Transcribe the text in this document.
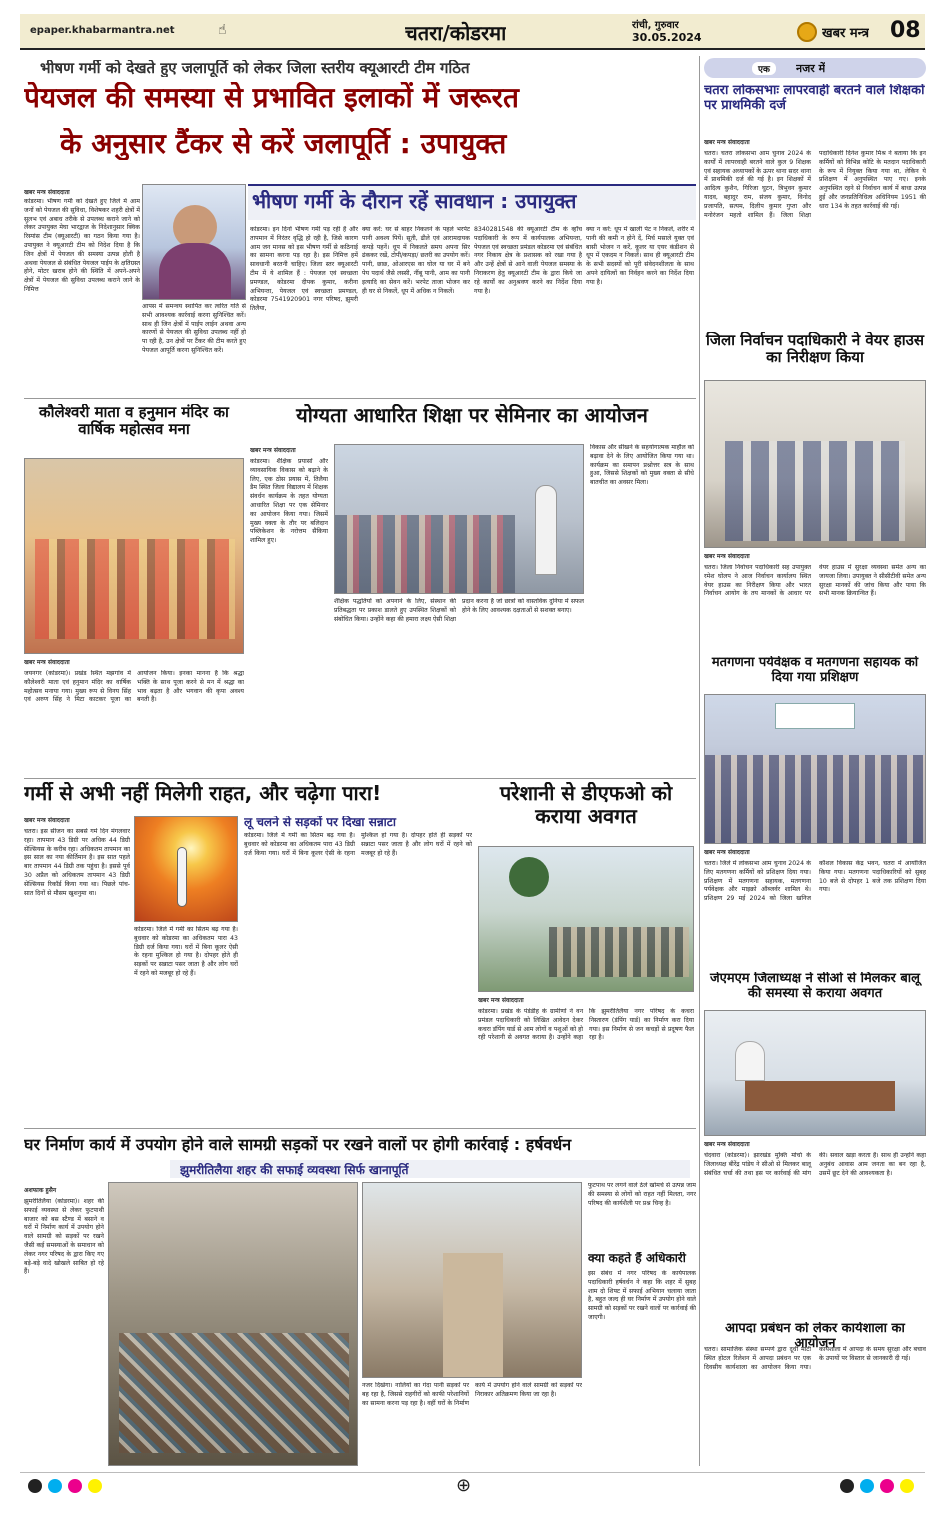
epaper.khabarmantra.net	☝	चतरा/कोडरमा	रांची, गुरुवार
30.05.2024	खबर मन्त्र 08
भीषण गर्मी को देखते हुए जलापूर्ति को लेकर जिला स्तरीय क्यूआरटी टीम गठित
पेयजल की समस्या से प्रभावित इलाकों में जरूरत
के अनुसार टैंकर से करें जलापूर्ति : उपायुक्त
खबर मन्त्र संवाददाता
कोडरमा। भीषण गर्मी को देखते हुए जिले में आम जनों को पेयजल की सुविधा, विशेषकर शहरी क्षेत्रों में सुलभ एवं अबाध तरीके से उपलब्ध कराने जाने को लेकर उपायुक्त मेघा भारद्वाज के निदेशानुसार क्विक रिस्पांस टीम (क्यूआरटी) का गठन किया गया है। उपायुक्त ने क्यूआरटी टीम को निदेश दिया है कि जिन क्षेत्रों में पेयजल की समस्या उत्पन्न होती है अथवा पेयजल से संबंधित पेयजल पाईप के क्षतिग्रस्त होने, मोटर खराब होने की स्थिति में अपने-अपने क्षेत्रों में पेयजल की सुविधा उपलब्ध कराने जाने के निमित्त
आपस में समन्वय स्थापित कर त्वरित गति से सभी आवश्यक कार्रवाई करना सुनिश्चित करें। साथ ही जिन क्षेत्रों में पाईप लाईन अथवा अन्य कारणों से पेयजल की सुविधा उपलब्ध नहीं हो पा रही है, उन क्षेत्रों पर टैंकर की टीम करते हुए पेयजल आपूर्ति करना सुनिश्चित करें।
भीषण गर्मी के दौरान रहें सावधान : उपायुक्त
कोडरमा। इन दिनों भीषण गर्मी पड़ रही है और तापमान में निरंतर वृद्धि हो रही है, जिसे कारण आम जन मानस को इस भीषण गर्मी से कठिनाई का सामना करना पड़ रहा है। इस निमित्त हमें सावधानी बरतनी चाहिए। जिला स्तर क्यूआरटी टीम में ये शामिल हैं : पेयजल एवं स्वच्छता प्रमण्डल, कोडरमा दीपक कुमार, करीना अभियन्ता, पेयजल एवं स्वच्छता प्रमण्डल, कोडरमा 7541920901 नगर परिषद, झुमरी तिलैया,
क्या करें: घर से बाहर निकलने के पहले भरपेट पानी अवश्य पियें। सूती, ढीले एवं आरामदायक कपड़े पहनें। धूप में निकलते समय अपना सिर ढंककर रखें, टोपी/कपड़ा/ छतरी का उपयोग करें। पानी, छाछ, ओआरएस का घोल या घर में बने पेय पदार्थ जैसे लस्सी, नींबू पानी, आम का पानी इत्यादि का सेवन करें। भरपेट ताजा भोजन कर ही घर से निकलें, धूप में अधिक न निकलें।
8340281548 की क्यूआरटी टीम के व्हॉंच पदाधिकारी के रूप में कार्यपालक अभियन्ता, पेयजल एवं स्वच्छता प्रमंडल कोडरमा एवं संबंधित नगर निकाय क्षेत्र के प्रशासक को रखा गया है और उन्हें क्षेत्रों से आने वाली पेयजल समस्या के निराकरण हेतु क्यूआरटी टीम के द्वारा किये जा रहे कार्यों का अनुश्रवण करने का निर्देश दिया गया है।
क्या न करें: धूप में खाली पेट न निकलें, शरीर में पानी की कमी न होने दें, मिर्च मसाले युक्त एवं बासी भोजन न करें, कूलर या एयर कंडीशन से धूप में एकदम न निकलें। साथ ही क्यूआरटी टीम के सभी सदस्यों को पूरी संवेदनशीलता के साथ अपने दायित्वों का निर्वहन करने का निर्देश दिया गया है।
एक	नजर में
चतरा लोकसभाः लापरवाही बरतने वाले शिक्षकों पर प्राथमिकी दर्ज
खबर मन्त्र संवाददाता
चतरा। चतरा लोकसभा आम चुनाव 2024 के कार्यों में लापरवाही बरतने वाले कुल 9 शिक्षक एवं सहायक अध्यापकों के ऊपर थाना सदर थाना में प्राथमिकी दर्ज की गई है। इन शिक्षकों में आदित्य कुशैन, गिरिजा घुटन, त्रिभुवन कुमार यादव, बहादुर राम, संजय कुमार, विनोद प्रजापति, सत्यम, दिलीप कुमार गुप्ता और मनोरंजन महतो शामिल हैं। जिला शिक्षा पदाधिकारी दिनेश कुमार मिश्र ने बताया कि इन कर्मियों को विभिन्न कोटि के मतदान पदाधिकारी के रूप में नियुक्त किया गया था, लेकिन ये प्रशिक्षण में अनुपस्थित पाए गए। इनके अनुपस्थित रहने से निर्वाचन कार्य में बाधा उत्पन्न हुई और जनप्रतिनिधित्व अधिनियम 1951 की धारा 134 के तहत कार्रवाई की गई।
जिला निर्वाचन पदाधिकारी ने वेयर हाउस का निरीक्षण किया
खबर मन्त्र संवाददाता
चतरा। जिला निर्वाचन पदाधिकारी सह उपायुक्त रमेश घोलप ने आज निर्वाचन कार्यालय स्थित वेयर हाउस का निरीक्षण किया और भारत निर्वाचन आयोग के तय मानकों के आधार पर वेयर हाउस में सुरक्षा व्यवस्था समेत अन्य का जायजा लिया। उपायुक्त ने सीसीटीवी समेत अन्य सुरक्षा मानकों की जांच किया और पाया कि सभी मानक क्रियान्वित हैं।
मतगणना पर्यवेक्षक व मतगणना सहायक को दिया गया प्रशिक्षण
खबर मन्त्र संवाददाता
चतरा। जिले में लोकसभा आम चुनाव 2024 के लिए मतगणना कर्मियों को प्रशिक्षण दिया गया। प्रशिक्षण में मतगणना सहायक, मतगणना पर्यवेक्षक और माइक्रो ऑब्जर्वर शामिल थे। प्रशिक्षण 29 मई 2024 को जिला खनिज कौशल विकास केंद्र भवन, चतरा में आयोजित किया गया। मतगणना पदाधिकारियों को सुबह 10 बजे से दोपहर 1 बजे तक प्रशिक्षण दिया गया।
जेएमएम जिलाध्यक्ष ने सीओ से मिलकर बालू की समस्या से कराया अवगत
खबर मन्त्र संवाददाता
चंदवारा (कोडरमा)। झारखंड मुक्ति मोर्चा के जिलाध्यक्ष बीरेंद्र पांडेय ने सीओ से मिलकर बालू संबंधित चर्चा की तथा इस पर कार्रवाई की मांग की। सवाल खड़ा करता है। साथ ही उन्होंने कहा अनुबंध आवास आम जनता का बन रहा है, उसमें छूट देने की आवश्यकता है।
आपदा प्रबंधन को लेकर कार्यशाला का आयोजन
चतरा। सामाजिक संस्था सम्पर्ण द्वारा दूधी माटी स्थित होटल रिलेशन में आपदा प्रबंधन पर एक दिवसीय कार्यशाला का आयोजन किया गया। कार्यशाला में आपदा के समय सुरक्षा और बचाव के उपायों पर विस्तार से जानकारी दी गई।
कौलेश्वरी माता व हनुमान मंदिर का वार्षिक महोत्सव मना
खबर मन्त्र संवाददाता
जयनगर (कोडरमा)। प्रखंड स्थित मझगांव में कौलेश्वरी माता एवं हनुमान मंदिर का वार्षिक महोत्सव मनाया गया। मुख्य रूप से विनय सिंह एवं अरुण सिंह ने मिटा काटकर पूजा का आयोजन किया। इनका मानना है कि श्रद्धा भक्ति के साथ पूजा करने से मन में श्रद्धा का भाव बढ़ता है और भगवान की कृपा अवश्य बनती है।
योग्यता आधारित शिक्षा पर सेमिनार का आयोजन
खबर मन्त्र संवाददाता
कोडरमा। शैक्षिक प्रयासों और व्यावसायिक विकास को बढ़ाने के लिए, एक ठोस प्रयास में, तिलैया डैम स्थित जिला विद्यालय में शिक्षक संवर्धन कार्यक्रम के तहत योग्यता आधारित शिक्षा पर एक सेमिनार का आयोजन किया गया। जिसमें मुख्य वक्ता के तौर पर बलिदान पब्लिकेशन के नरोत्तम सैकिया शामिल हुए।
शैक्षिक पद्धतियों को अपनाने के लिए, संस्थान की प्रतिबद्धता पर प्रकाश डालते हुए उपस्थित शिक्षकों को संबोधित किया। उन्होंने कहा की हमारा लक्ष्य ऐसी शिक्षा प्रदान करना है जो छात्रों को वास्तविक दुनिया में सफल होने के लिए आवश्यक दक्षताओं से सशक्त बनाए।
विकास और सीखने के सहयोगात्मक माहौल को बढ़ावा देने के लिए आयोजित किया गया था। कार्यक्रम का समापन प्रश्नोत्तर सत्र के साथ हुआ, जिससे शिक्षकों को मुख्य वक्ता से सीधे बातचीत का अवसर मिला।
गर्मी से अभी नहीं मिलेगी राहत, और चढ़ेगा पारा!
खबर मन्त्र संवाददाता
चतरा। इस सीजन का सबसे गर्म दिन मंगलवार रहा। तापमान 43 डिग्री पर अधिक 44 डिग्री सेल्सियस के करीब रहा। अधिकतम तापमान का इस साल का नया कीर्तिमान है। इस सात पहले बार तापमान 44 डिग्री तक पहुंचा है। इससे पूर्व 30 अप्रैल को अधिकतम तापमान 43 डिग्री सेल्सियस रिकॉर्ड किया गया था। पिछले पांच-सात दिनों से मौसम खुशनुमा था।
कोडरमा। जिले में गर्मी का सितम बढ़ गया है। बुधवार को कोडरमा का अधिकतम पारा 43 डिग्री दर्ज किया गया। घरों में बिना कूलर ऐसी के रहना मुश्किल हो गया है। दोपहर होते ही सड़कों पर सन्नाटा पसर जाता है और लोग घरों में रहने को मजबूर हो रहे हैं।
लू चलने से सड़कों पर दिखा सन्नाटा
कोडरमा। जिले में गर्मी का सितम बढ़ गया है। बुधवार को कोडरमा का अधिकतम पारा 43 डिग्री दर्ज किया गया। घरों में बिना कूलर ऐसी के रहना मुश्किल हो गया है। दोपहर होते ही सड़कों पर सन्नाटा पसर जाता है और लोग घरों में रहने को मजबूर हो रहे हैं।
परेशानी से डीएफओ को कराया अवगत
खबर मन्त्र संवाददाता
कोडरमा। प्रखंड के पंडेडीह के ग्रामीणों ने वन प्रमंडल पदाधिकारी को लिखित आवेदन देकर कचरा डंपिंग यार्ड से आम लोगों व पशुओं को हो रही परेशानी से अवगत कराया है। उन्होंने कहा कि झुमरीतिलैया नगर परिषद के कचरा निस्तारण (डंपिंग यार्ड) का निर्माण करा दिया गया। इस निर्माण से जन कचड़ों से प्रदूषण फैल रहा है।
घर निर्माण कार्य में उपयोग होने वाले सामग्री सड़कों पर रखने वालों पर होगी कार्रवाई : हर्षवर्धन
झुमरीतिलैया शहर की सफाई व्यवस्था सिर्फ खानापूर्ति
अशफाक हुसैन
झुमरीतिलैया (कोडरमा)। शहर की सफाई व्यवस्था से लेकर फुटपाथी बाजार को बस स्टैण्ड में बसाने व घरों में निर्माण कार्य में उपयोग होने वाले सामग्री को सड़कों पर रखने जैसी कई समस्याओं के समाधान को लेकर नगर परिषद के द्वारा किए गए बड़े-बड़े वादे खोखले साबित हो रहे हैं।
नजर दिखेगा। नालियों का गंदा पानी सड़कों पर बह रहा है, जिससे राहगीरों को काफी परेशानियों का सामना करना पड़ रहा है। वहीं घरों के निर्माण कार्य में उपयोग होने वाले सामग्री को सड़कों पर निराकार अतिक्रमण किया जा रहा है।
फुटपाथ पर लगने वाले ठेले खोमचे से उत्पन्न जाम की समस्या से लोगों को राहत नहीं मिलता, नगर परिषद की कार्यशैली पर प्रश्न चिन्ह है।
क्या कहते हैं अधिकारी
इस संबंध में नगर परिषद के कार्यपालक पदाधिकारी हर्षवर्धन ने कहा कि शहर में सुबह शाम दो शिफ्ट में सफाई अभियान चलाया जाता है, बहुत जल्द ही घर निर्माण में उपयोग होने वाले सामग्री को सड़कों पर रखने वालों पर कार्रवाई की जाएगी।
⊕
